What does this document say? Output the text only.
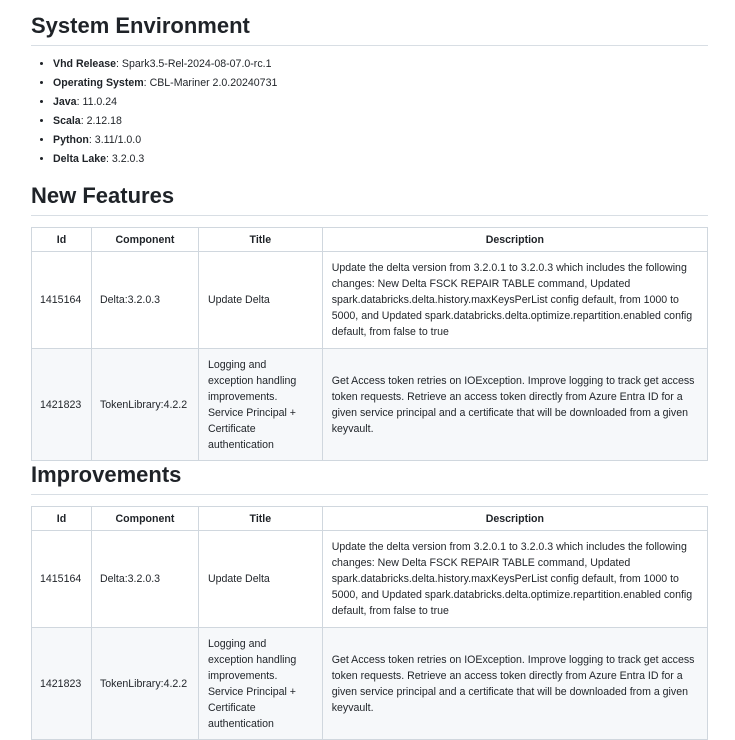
System Environment
• Vhd Release: Spark3.5-Rel-2024-08-07.0-rc.1
• Operating System: CBL-Mariner 2.0.20240731
• Java: 11.0.24
• Scala: 2.12.18
• Python: 3.11/1.0.0
• Delta Lake: 3.2.0.3
New Features
Id	Component	Title	Description
1415164	Delta:3.2.0.3	Update Delta	Update the delta version from 3.2.0.1 to 3.2.0.3 which includes the following changes: New Delta FSCK REPAIR TABLE command, Updated spark.databricks.delta.history.maxKeysPerList config default, from 1000 to 5000, and Updated spark.databricks.delta.optimize.repartition.enabled config default, from false to true
1421823	TokenLibrary:4.2.2	Logging and exception handling improvements. Service Principal + Certificate authentication	Get Access token retries on IOException. Improve logging to track get access token requests. Retrieve an access token directly from Azure Entra ID for a given service principal and a certificate that will be downloaded from a given keyvault.
Improvements
Id	Component	Title	Description
1415164	Delta:3.2.0.3	Update Delta	Update the delta version from 3.2.0.1 to 3.2.0.3 which includes the following changes: New Delta FSCK REPAIR TABLE command, Updated spark.databricks.delta.history.maxKeysPerList config default, from 1000 to 5000, and Updated spark.databricks.delta.optimize.repartition.enabled config default, from false to true
1421823	TokenLibrary:4.2.2	Logging and exception handling improvements. Service Principal + Certificate authentication	Get Access token retries on IOException. Improve logging to track get access token requests. Retrieve an access token directly from Azure Entra ID for a given service principal and a certificate that will be downloaded from a given keyvault.
